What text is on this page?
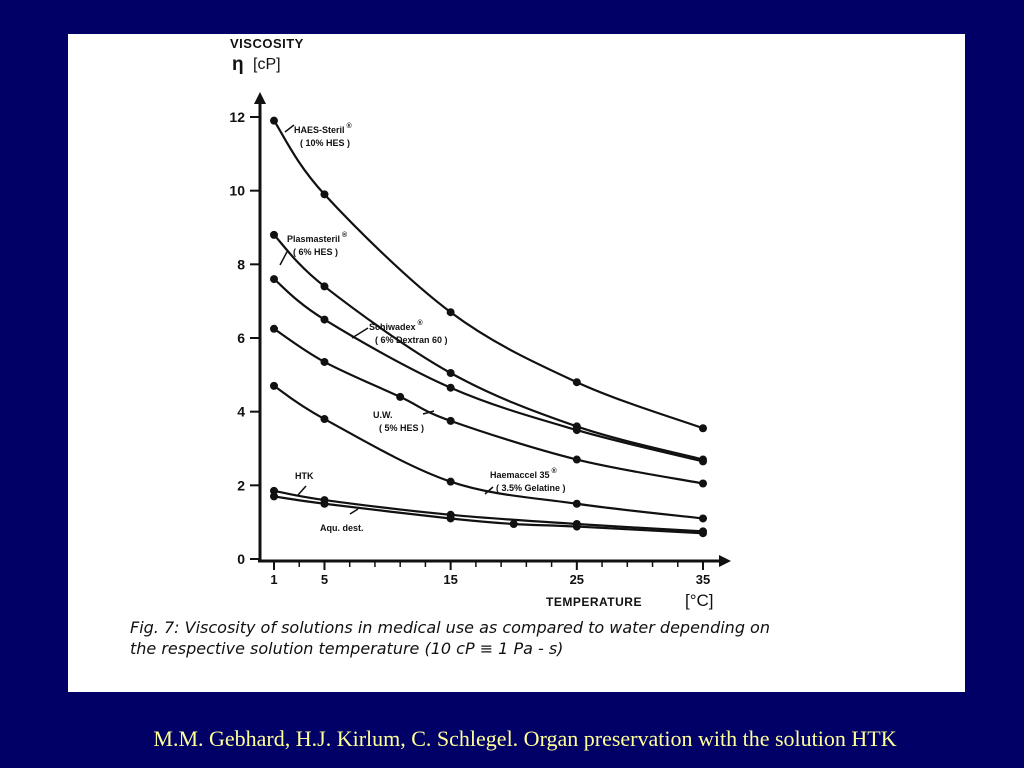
0
2
4
6
8
10
12
1	5	15	25	35
HAES-Steril ®
( 10% HES )
Plasmasteril ®
( 6% HES )
Schiwadex ®
( 6% Dextran 60 )
U.W.
( 5% HES )
Haemaccel 35 ®
( 3.5% Gelatine )
HTK
Aqu. dest.
VISCOSITY
η [cP]
TEMPERATURE	[°C]
Fig. 7: Viscosity of solutions in medical use as compared to water depending on
the respective solution temperature (10 cP ≡ 1 Pa - s)
M.M. Gebhard, H.J. Kirlum, C. Schlegel. Organ preservation with the solution HTK
